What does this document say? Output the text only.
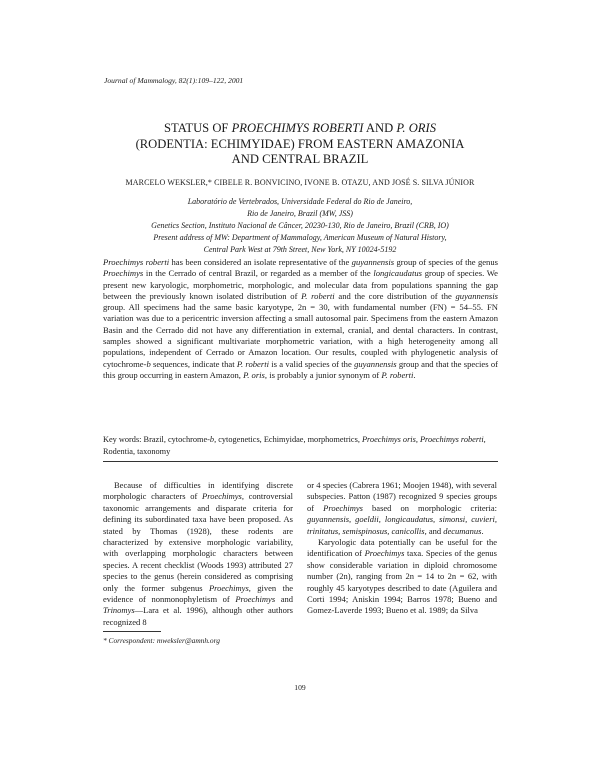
Journal of Mammalogy, 82(1):109–122, 2001
STATUS OF PROECHIMYS ROBERTI AND P. ORIS
(RODENTIA: ECHIMYIDAE) FROM EASTERN AMAZONIA
AND CENTRAL BRAZIL
MARCELO WEKSLER,* CIBELE R. BONVICINO, IVONE B. OTAZU, AND JOSÉ S. SILVA JÚNIOR
Laboratório de Vertebrados, Universidade Federal do Rio de Janeiro,
Rio de Janeiro, Brazil (MW, JSS)
Genetics Section, Instituto Nacional de Câncer, 20230-130, Rio de Janeiro, Brazil (CRB, IO)
Present address of MW: Department of Mammalogy, American Museum of Natural History,
Central Park West at 79th Street, New York, NY 10024-5192
Proechimys roberti has been considered an isolate representative of the guyannensis group of species of the genus Proechimys in the Cerrado of central Brazil, or regarded as a member of the longicaudatus group of species. We present new karyologic, morphometric, morphologic, and molecular data from populations spanning the gap between the previously known isolated distribution of P. roberti and the core distribution of the guyannensis group. All specimens had the same basic karyotype, 2n = 30, with fundamental number (FN) = 54–55. FN variation was due to a pericentric inversion affecting a small autosomal pair. Specimens from the eastern Amazon Basin and the Cerrado did not have any differentiation in external, cranial, and dental characters. In contrast, samples showed a significant multivariate morphometric variation, with a high heterogeneity among all populations, independent of Cerrado or Amazon location. Our results, coupled with phylogenetic analysis of cytochrome-b sequences, indicate that P. roberti is a valid species of the guyannensis group and that the species of this group occurring in eastern Amazon, P. oris, is probably a junior synonym of P. roberti.
Key words: Brazil, cytochrome-b, cytogenetics, Echimyidae, morphometrics, Proechimys oris, Proechimys roberti, Rodentia, taxonomy
Because of difficulties in identifying discrete morphologic characters of Proechimys, controversial taxonomic arrangements and disparate criteria for defining its subordinated taxa have been proposed. As stated by Thomas (1928), these rodents are characterized by extensive morphologic variability, with overlapping morphologic characters between species. A recent checklist (Woods 1993) attributed 27 species to the genus (herein considered as comprising only the former subgenus Proechimys, given the evidence of nonmonophyletism of Proechimys and Trinomys—Lara et al. 1996), although other authors recognized 8
or 4 species (Cabrera 1961; Moojen 1948), with several subspecies. Patton (1987) recognized 9 species groups of Proechimys based on morphologic criteria: guyannensis, goeldii, longicaudatus, simonsi, cuvieri, trinitatus, semispinosus, canicollis, and decumanus.
Karyologic data potentially can be useful for the identification of Proechimys taxa. Species of the genus show considerable variation in diploid chromosome number (2n), ranging from 2n = 14 to 2n = 62, with roughly 45 karyotypes described to date (Aguilera and Corti 1994; Aniskin 1994; Barros 1978; Bueno and Gomez-Laverde 1993; Bueno et al. 1989; da Silva
* Correspondent: mweksler@amnh.org
109
